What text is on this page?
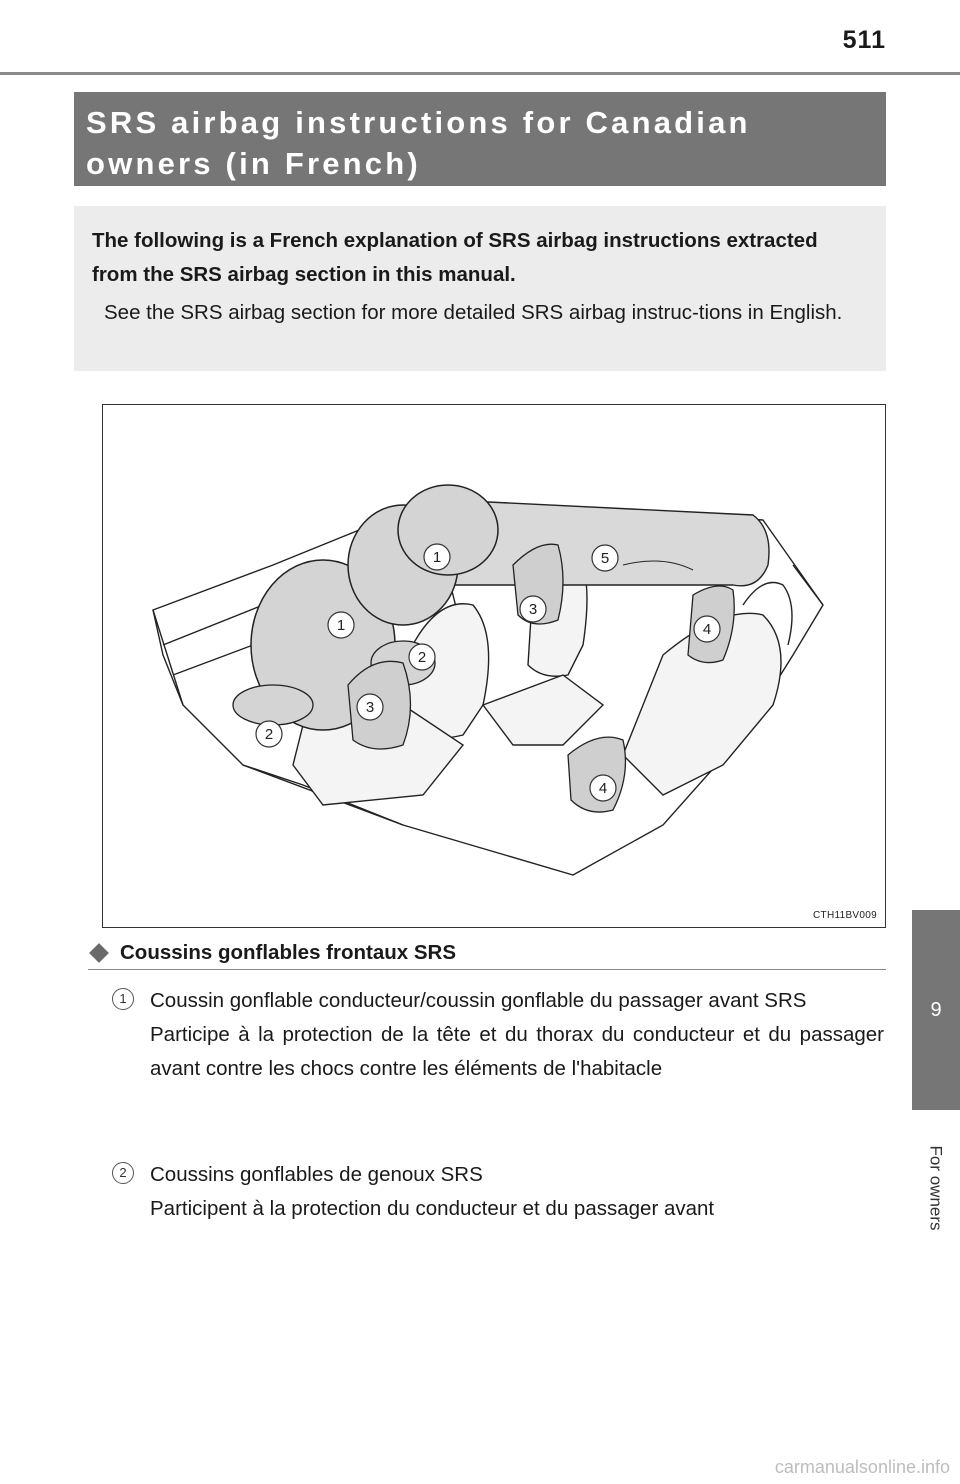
511
SRS airbag instructions for Canadian owners (in French)

The following is a French explanation of SRS airbag instructions extracted from the SRS airbag section in this manual.

See the SRS airbag section for more detailed SRS airbag instruc-tions in English.

1
1
2
2
3
3
4
4
5
CTH11BV009
Coussins gonflables frontaux SRS
1	Coussin gonflable conducteur/coussin gonflable du passager avant SRS

Participe à la protection de la tête et du thorax du conducteur et du passager avant contre les chocs contre les éléments de l'habitacle

2	Coussins gonflables de genoux SRS

Participent à la protection du conducteur et du passager avant

9
For owners
carmanualsonline.info
